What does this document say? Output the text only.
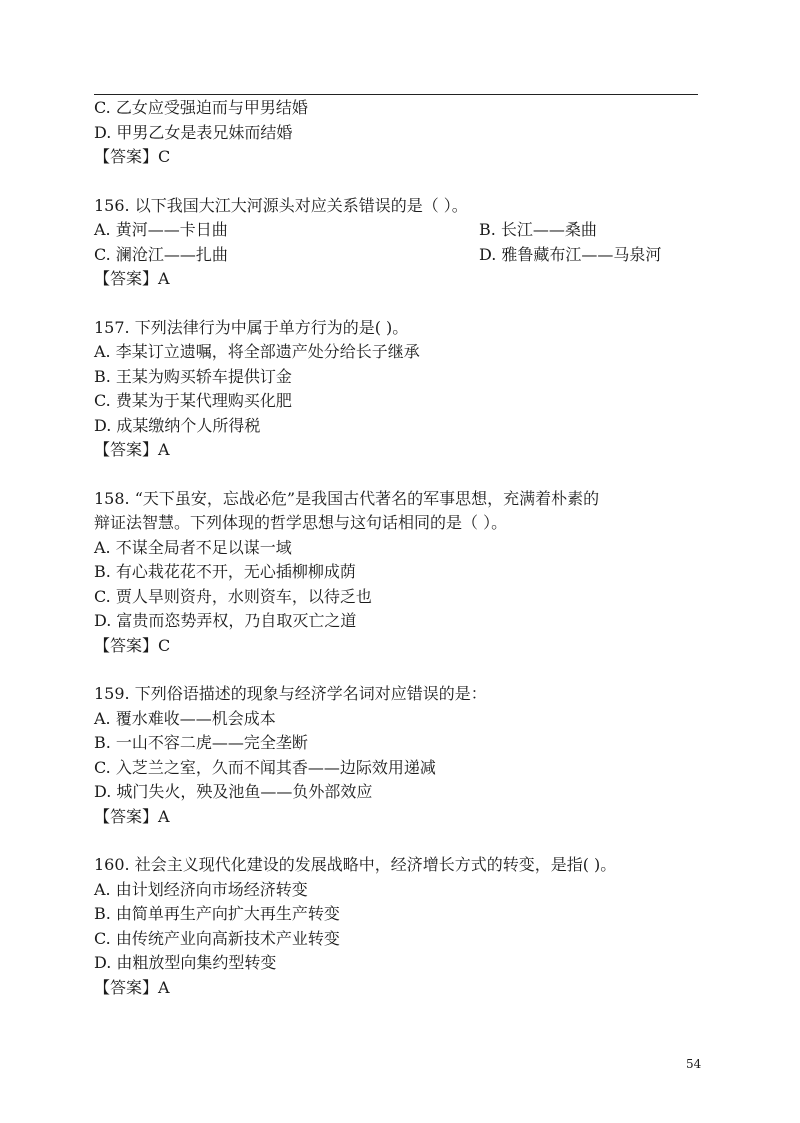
C. 乙女应受强迫而与甲男结婚
D. 甲男乙女是表兄妹而结婚
【答案】C
156. 以下我国大江大河源头对应关系错误的是（ ）。
A. 黄河——卡日曲	B. 长江——桑曲
C. 澜沧江——扎曲	D. 雅鲁藏布江——马泉河
【答案】A
157. 下列法律行为中属于单方行为的是( )。
A. 李某订立遗嘱，将全部遗产处分给长子继承
B. 王某为购买轿车提供订金
C. 费某为于某代理购买化肥
D. 成某缴纳个人所得税
【答案】A
158. “天下虽安，忘战必危”是我国古代著名的军事思想，充满着朴素的
辩证法智慧。下列体现的哲学思想与这句话相同的是（ ）。
A. 不谋全局者不足以谋一域
B. 有心栽花花不开，无心插柳柳成荫
C. 贾人旱则资舟，水则资车，以待乏也
D. 富贵而恣势弄权，乃自取灭亡之道
【答案】C
159. 下列俗语描述的现象与经济学名词对应错误的是：
A. 覆水难收——机会成本
B. 一山不容二虎——完全垄断
C. 入芝兰之室，久而不闻其香——边际效用递减
D. 城门失火，殃及池鱼——负外部效应
【答案】A
160. 社会主义现代化建设的发展战略中，经济增长方式的转变，是指( )。
A. 由计划经济向市场经济转变
B. 由简单再生产向扩大再生产转变
C. 由传统产业向高新技术产业转变
D. 由粗放型向集约型转变
【答案】A
54
